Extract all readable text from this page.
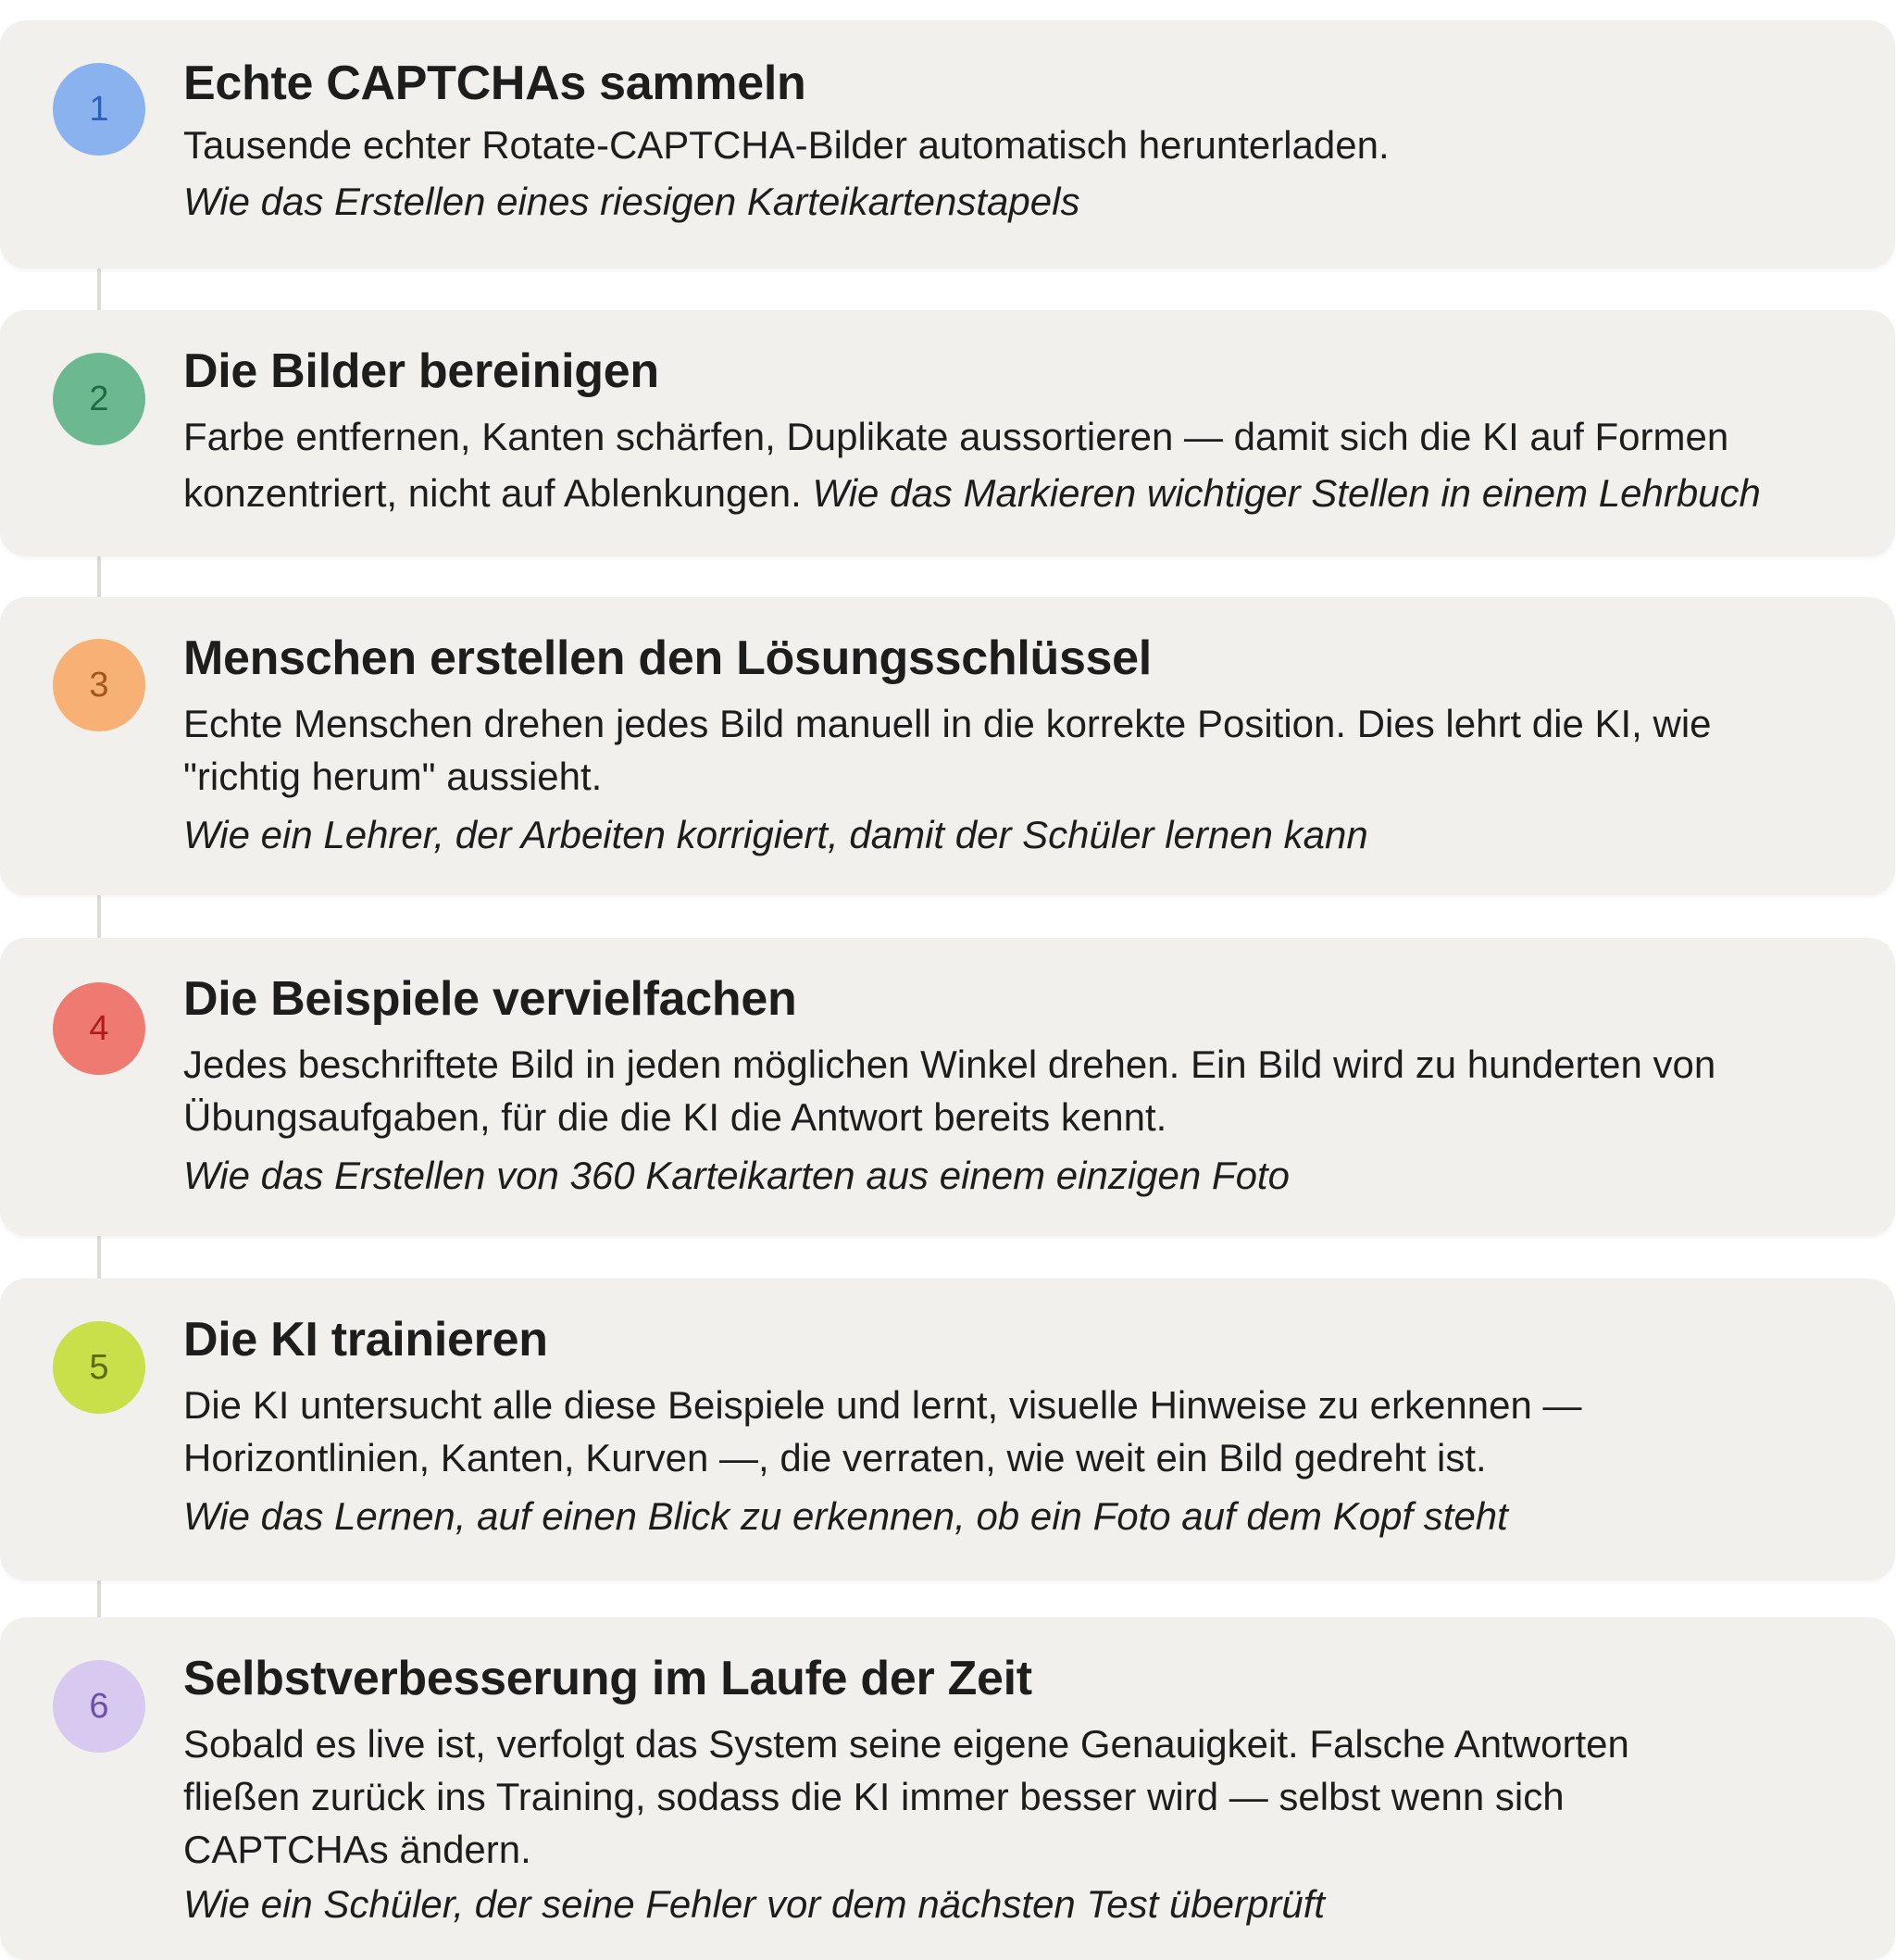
1 Echte CAPTCHAs sammeln
Tausende echter Rotate-CAPTCHA-Bilder automatisch herunterladen.
Wie das Erstellen eines riesigen Karteikartenstapels
2
Die Bilder bereinigen
Farbe entfernen, Kanten schärfen, Duplikate aussortieren — damit sich die KI auf Formen
konzentriert, nicht auf Ablenkungen. Wie das Markieren wichtiger Stellen in einem Lehrbuch
3 Menschen erstellen den Lösungsschlüssel
Echte Menschen drehen jedes Bild manuell in die korrekte Position. Dies lehrt die KI, wie
"richtig herum" aussieht.
Wie ein Lehrer, der Arbeiten korrigiert, damit der Schüler lernen kann
4
Die Beispiele vervielfachen
Jedes beschriftete Bild in jeden möglichen Winkel drehen. Ein Bild wird zu hunderten von
Übungsaufgaben, für die die KI die Antwort bereits kennt.
Wie das Erstellen von 360 Karteikarten aus einem einzigen Foto
5
Die KI trainieren
Die KI untersucht alle diese Beispiele und lernt, visuelle Hinweise zu erkennen —
Horizontlinien, Kanten, Kurven —, die verraten, wie weit ein Bild gedreht ist.
Wie das Lernen, auf einen Blick zu erkennen, ob ein Foto auf dem Kopf steht
6
Selbstverbesserung im Laufe der Zeit
Sobald es live ist, verfolgt das System seine eigene Genauigkeit. Falsche Antworten
fließen zurück ins Training, sodass die KI immer besser wird — selbst wenn sich
CAPTCHAs ändern.
Wie ein Schüler, der seine Fehler vor dem nächsten Test überprüft
